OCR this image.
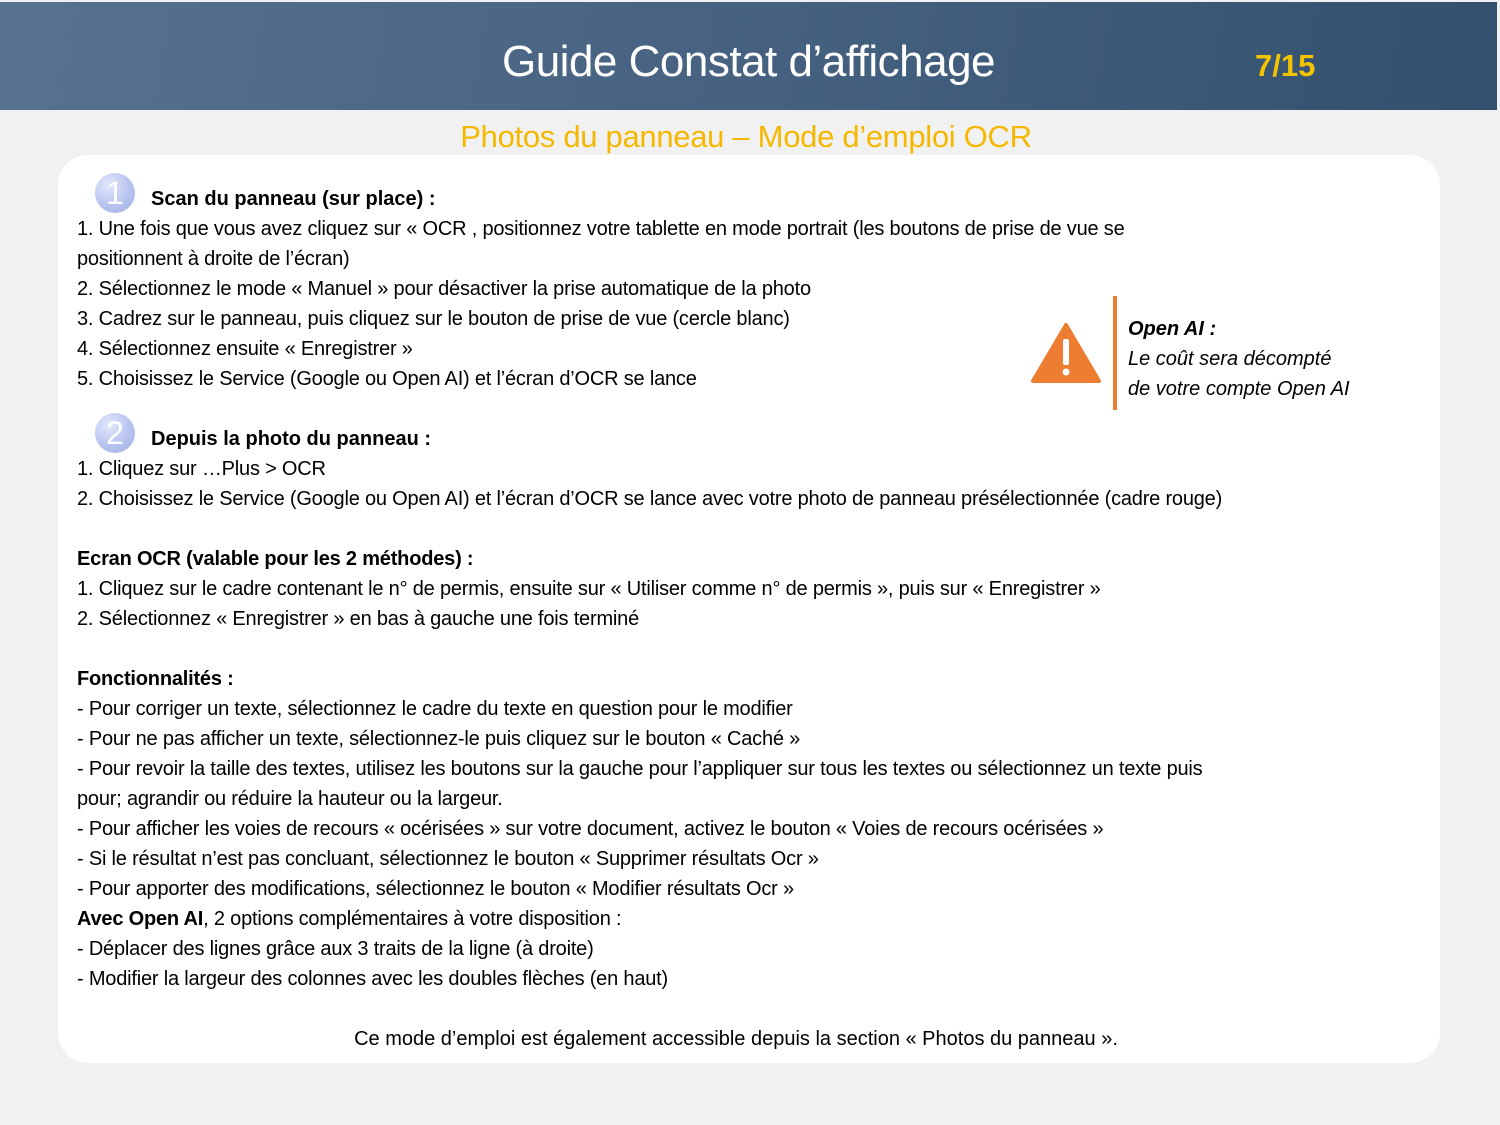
Guide Constat d’affichage	7/15
Photos du panneau – Mode d’emploi OCR
1	Scan du panneau (sur place) :
1. Une fois que vous avez cliquez sur « OCR , positionnez votre tablette en mode portrait (les boutons de prise de vue se
positionnent à droite de l’écran)
2. Sélectionnez le mode « Manuel » pour désactiver la prise automatique de la photo
3. Cadrez sur le panneau, puis cliquez sur le bouton de prise de vue (cercle blanc)
4. Sélectionnez ensuite « Enregistrer »
5. Choisissez le Service (Google ou Open AI) et l’écran d’OCR se lance
Open AI :
Le coût sera décompté
de votre compte Open AI
2	Depuis la photo du panneau :
1. Cliquez sur …Plus > OCR
2. Choisissez le Service (Google ou Open AI) et l’écran d’OCR se lance avec votre photo de panneau présélectionnée (cadre rouge)
Ecran OCR (valable pour les 2 méthodes) :
1. Cliquez sur le cadre contenant le n° de permis, ensuite sur « Utiliser comme n° de permis », puis sur « Enregistrer »
2. Sélectionnez « Enregistrer » en bas à gauche une fois terminé
Fonctionnalités :
- Pour corriger un texte, sélectionnez le cadre du texte en question pour le modifier
- Pour ne pas afficher un texte, sélectionnez-le puis cliquez sur le bouton « Caché »
- Pour revoir la taille des textes, utilisez les boutons sur la gauche pour l’appliquer sur tous les textes ou sélectionnez un texte puis
pour; agrandir ou réduire la hauteur ou la largeur.
- Pour afficher les voies de recours « océrisées » sur votre document, activez le bouton « Voies de recours océrisées »
- Si le résultat n’est pas concluant, sélectionnez le bouton « Supprimer résultats Ocr »
- Pour apporter des modifications, sélectionnez le bouton « Modifier résultats Ocr »
Avec Open AI, 2 options complémentaires à votre disposition :
- Déplacer des lignes grâce aux 3 traits de la ligne (à droite)
- Modifier la largeur des colonnes avec les doubles flèches (en haut)
Ce mode d’emploi est également accessible depuis la section « Photos du panneau ».
